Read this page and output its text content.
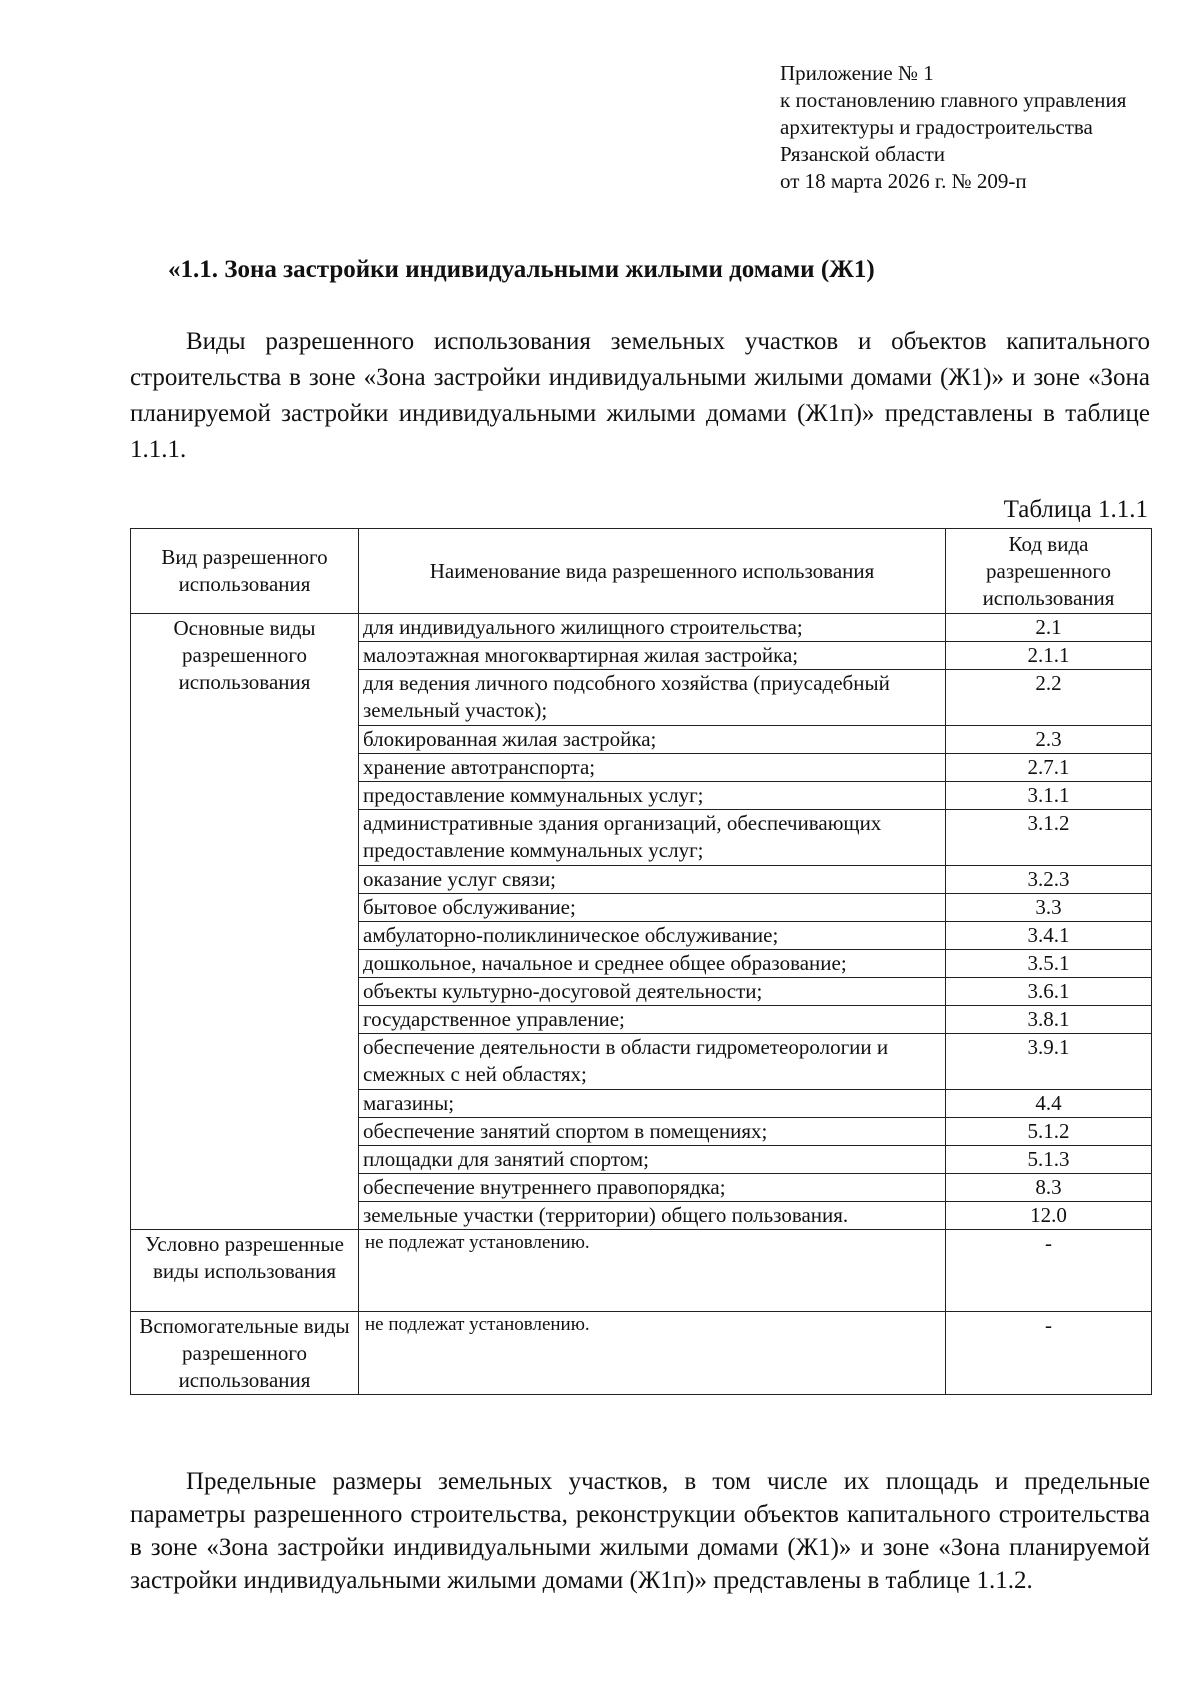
Приложение № 1
к постановлению главного управления
архитектуры и градостроительства
Рязанской области
от 18 марта 2026 г. № 209-п
«1.1. Зона застройки индивидуальными жилыми домами (Ж1)

Виды разрешенного использования земельных участков и объектов капитального строительства в зоне «Зона застройки индивидуальными жилыми домами (Ж1)» и зоне «Зона планируемой застройки индивидуальными жилыми домами (Ж1п)» представлены в таблице 1.1.1.

Таблица 1.1.1
Вид разрешенного использования	Наименование вида разрешенного использования	Код вида разрешенного использования
Основные виды разрешенного использования	для индивидуального жилищного строительства;	2.1
	малоэтажная многоквартирная жилая застройка;	2.1.1
	для ведения личного подсобного хозяйства (приусадебный земельный участок);	2.2
	блокированная жилая застройка;	2.3
	хранение автотранспорта;	2.7.1
	предоставление коммунальных услуг;	3.1.1
	административные здания организаций, обеспечивающих предоставление коммунальных услуг;	3.1.2
	оказание услуг связи;	3.2.3
	бытовое обслуживание;	3.3
	амбулаторно-поликлиническое обслуживание;	3.4.1
	дошкольное, начальное и среднее общее образование;	3.5.1
	объекты культурно-досуговой деятельности;	3.6.1
	государственное управление;	3.8.1
	обеспечение деятельности в области гидрометеорологии и смежных с ней областях;	3.9.1
	магазины;	4.4
	обеспечение занятий спортом в помещениях;	5.1.2
	площадки для занятий спортом;	5.1.3
	обеспечение внутреннего правопорядка;	8.3
	земельные участки (территории) общего пользования.	12.0
Условно разрешенные виды использования	не подлежат установлению.	-
Вспомогательные виды разрешенного использования	не подлежат установлению.	-

Предельные размеры земельных участков, в том числе их площадь и предельные параметры разрешенного строительства, реконструкции объектов капитального строительства в зоне «Зона застройки индивидуальными жилыми домами (Ж1)» и зоне «Зона планируемой застройки индивидуальными жилыми домами (Ж1п)» представлены в таблице 1.1.2.
